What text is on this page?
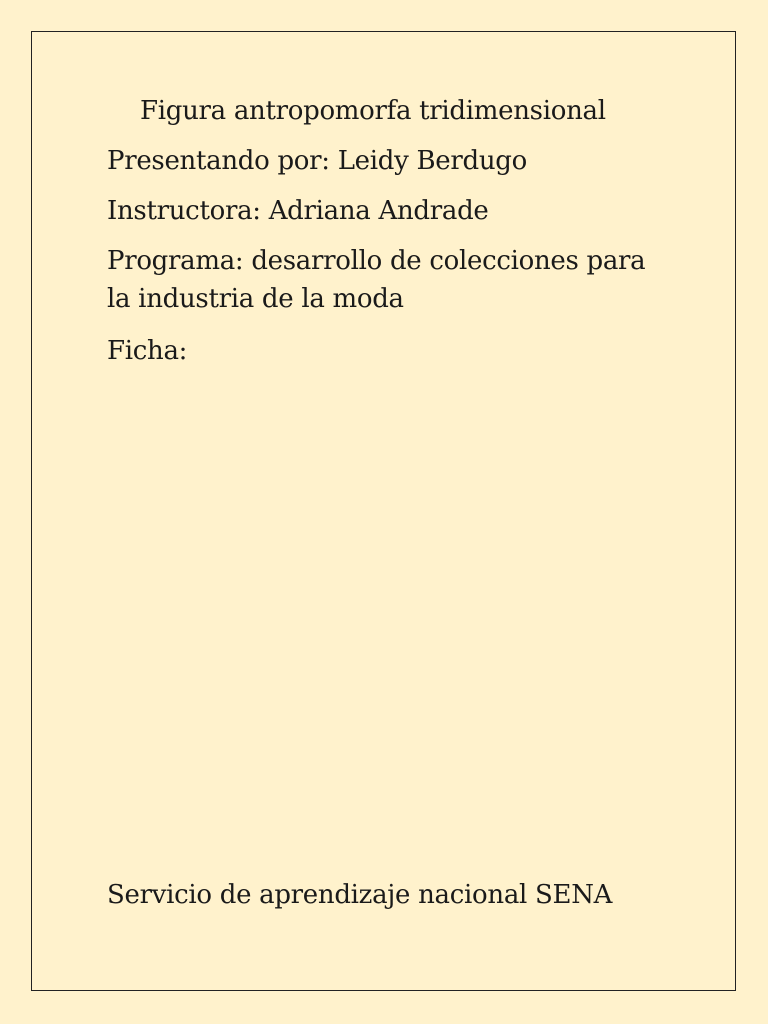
Figura antropomorfa tridimensional
Presentando por: Leidy Berdugo
Instructora: Adriana Andrade
Programa: desarrollo de colecciones para
la industria de la moda
Ficha:
Servicio de aprendizaje nacional SENA
